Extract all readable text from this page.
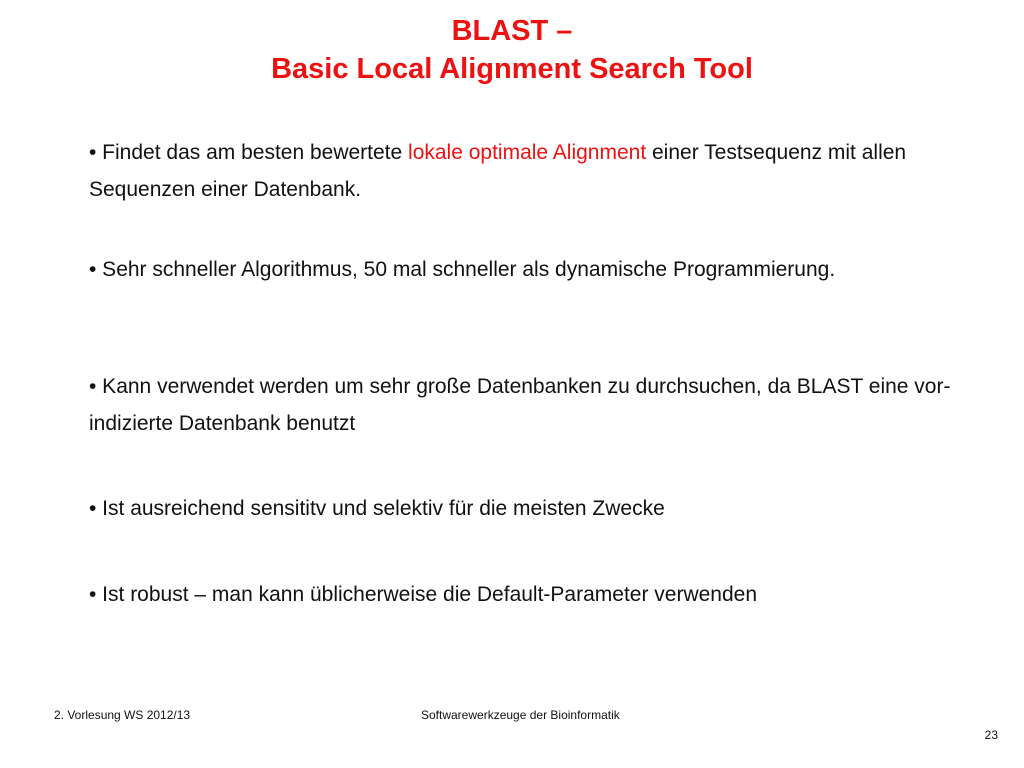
BLAST –
Basic Local Alignment Search Tool
• Findet das am besten bewertete lokale optimale Alignment einer Testsequenz mit allen Sequenzen einer Datenbank.
• Sehr schneller Algorithmus, 50 mal schneller als dynamische Programmierung.
• Kann verwendet werden um sehr große Datenbanken zu durchsuchen, da BLAST eine vor-indizierte Datenbank benutzt
• Ist ausreichend sensititv und selektiv für die meisten Zwecke
• Ist robust – man kann üblicherweise die Default-Parameter verwenden
2. Vorlesung WS 2012/13	Softwarewerkzeuge der Bioinformatik
23
